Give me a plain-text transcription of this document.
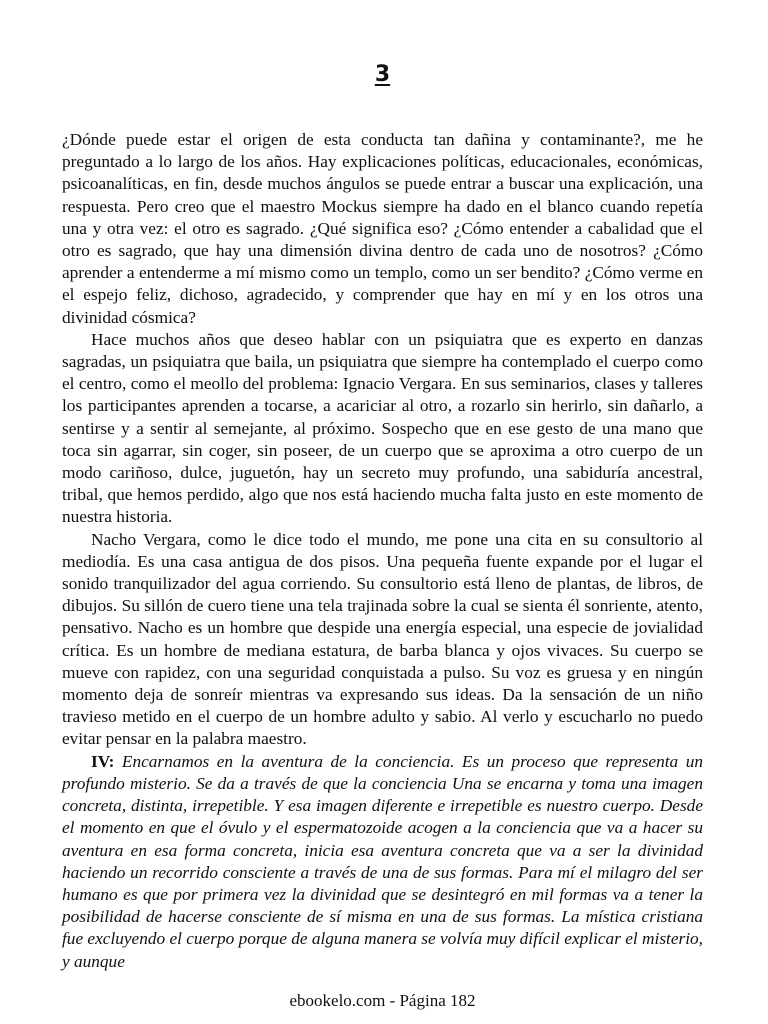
3

¿Dónde puede estar el origen de esta conducta tan dañina y contaminante?, me he preguntado a lo largo de los años. Hay explicaciones políticas, educacionales, económicas, psicoanalíticas, en fin, desde muchos ángulos se puede entrar a buscar una explicación, una respuesta. Pero creo que el maestro Mockus siempre ha dado en el blanco cuando repetía una y otra vez: el otro es sagrado. ¿Qué significa eso? ¿Cómo entender a cabalidad que el otro es sagrado, que hay una dimensión divina dentro de cada uno de nosotros? ¿Cómo aprender a entenderme a mí mismo como un templo, como un ser bendito? ¿Cómo verme en el espejo feliz, dichoso, agradecido, y comprender que hay en mí y en los otros una divinidad cósmica?

Hace muchos años que deseo hablar con un psiquiatra que es experto en danzas sagradas, un psiquiatra que baila, un psiquiatra que siempre ha contemplado el cuerpo como el centro, como el meollo del problema: Ignacio Vergara. En sus seminarios, clases y talleres los participantes aprenden a tocarse, a acariciar al otro, a rozarlo sin herirlo, sin dañarlo, a sentirse y a sentir al semejante, al próximo. Sospecho que en ese gesto de una mano que toca sin agarrar, sin coger, sin poseer, de un cuerpo que se aproxima a otro cuerpo de un modo cariñoso, dulce, juguetón, hay un secreto muy profundo, una sabiduría ancestral, tribal, que hemos perdido, algo que nos está haciendo mucha falta justo en este momento de nuestra historia.

Nacho Vergara, como le dice todo el mundo, me pone una cita en su consultorio al mediodía. Es una casa antigua de dos pisos. Una pequeña fuente expande por el lugar el sonido tranquilizador del agua corriendo. Su consultorio está lleno de plantas, de libros, de dibujos. Su sillón de cuero tiene una tela trajinada sobre la cual se sienta él sonriente, atento, pensativo. Nacho es un hombre que despide una energía especial, una especie de jovialidad crítica. Es un hombre de mediana estatura, de barba blanca y ojos vivaces. Su cuerpo se mueve con rapidez, con una seguridad conquistada a pulso. Su voz es gruesa y en ningún momento deja de sonreír mientras va expresando sus ideas. Da la sensación de un niño travieso metido en el cuerpo de un hombre adulto y sabio. Al verlo y escucharlo no puedo evitar pensar en la palabra maestro.

IV: Encarnamos en la aventura de la conciencia. Es un proceso que representa un profundo misterio. Se da a través de que la conciencia Una se encarna y toma una imagen concreta, distinta, irrepetible. Y esa imagen diferente e irrepetible es nuestro cuerpo. Desde el momento en que el óvulo y el espermatozoide acogen a la conciencia que va a hacer su aventura en esa forma concreta, inicia esa aventura concreta que va a ser la divinidad haciendo un recorrido consciente a través de una de sus formas. Para mí el milagro del ser humano es que por primera vez la divinidad que se desintegró en mil formas va a tener la posibilidad de hacerse consciente de sí misma en una de sus formas. La mística cristiana fue excluyendo el cuerpo porque de alguna manera se volvía muy difícil explicar el misterio, y aunque

ebookelo.com - Página 182
